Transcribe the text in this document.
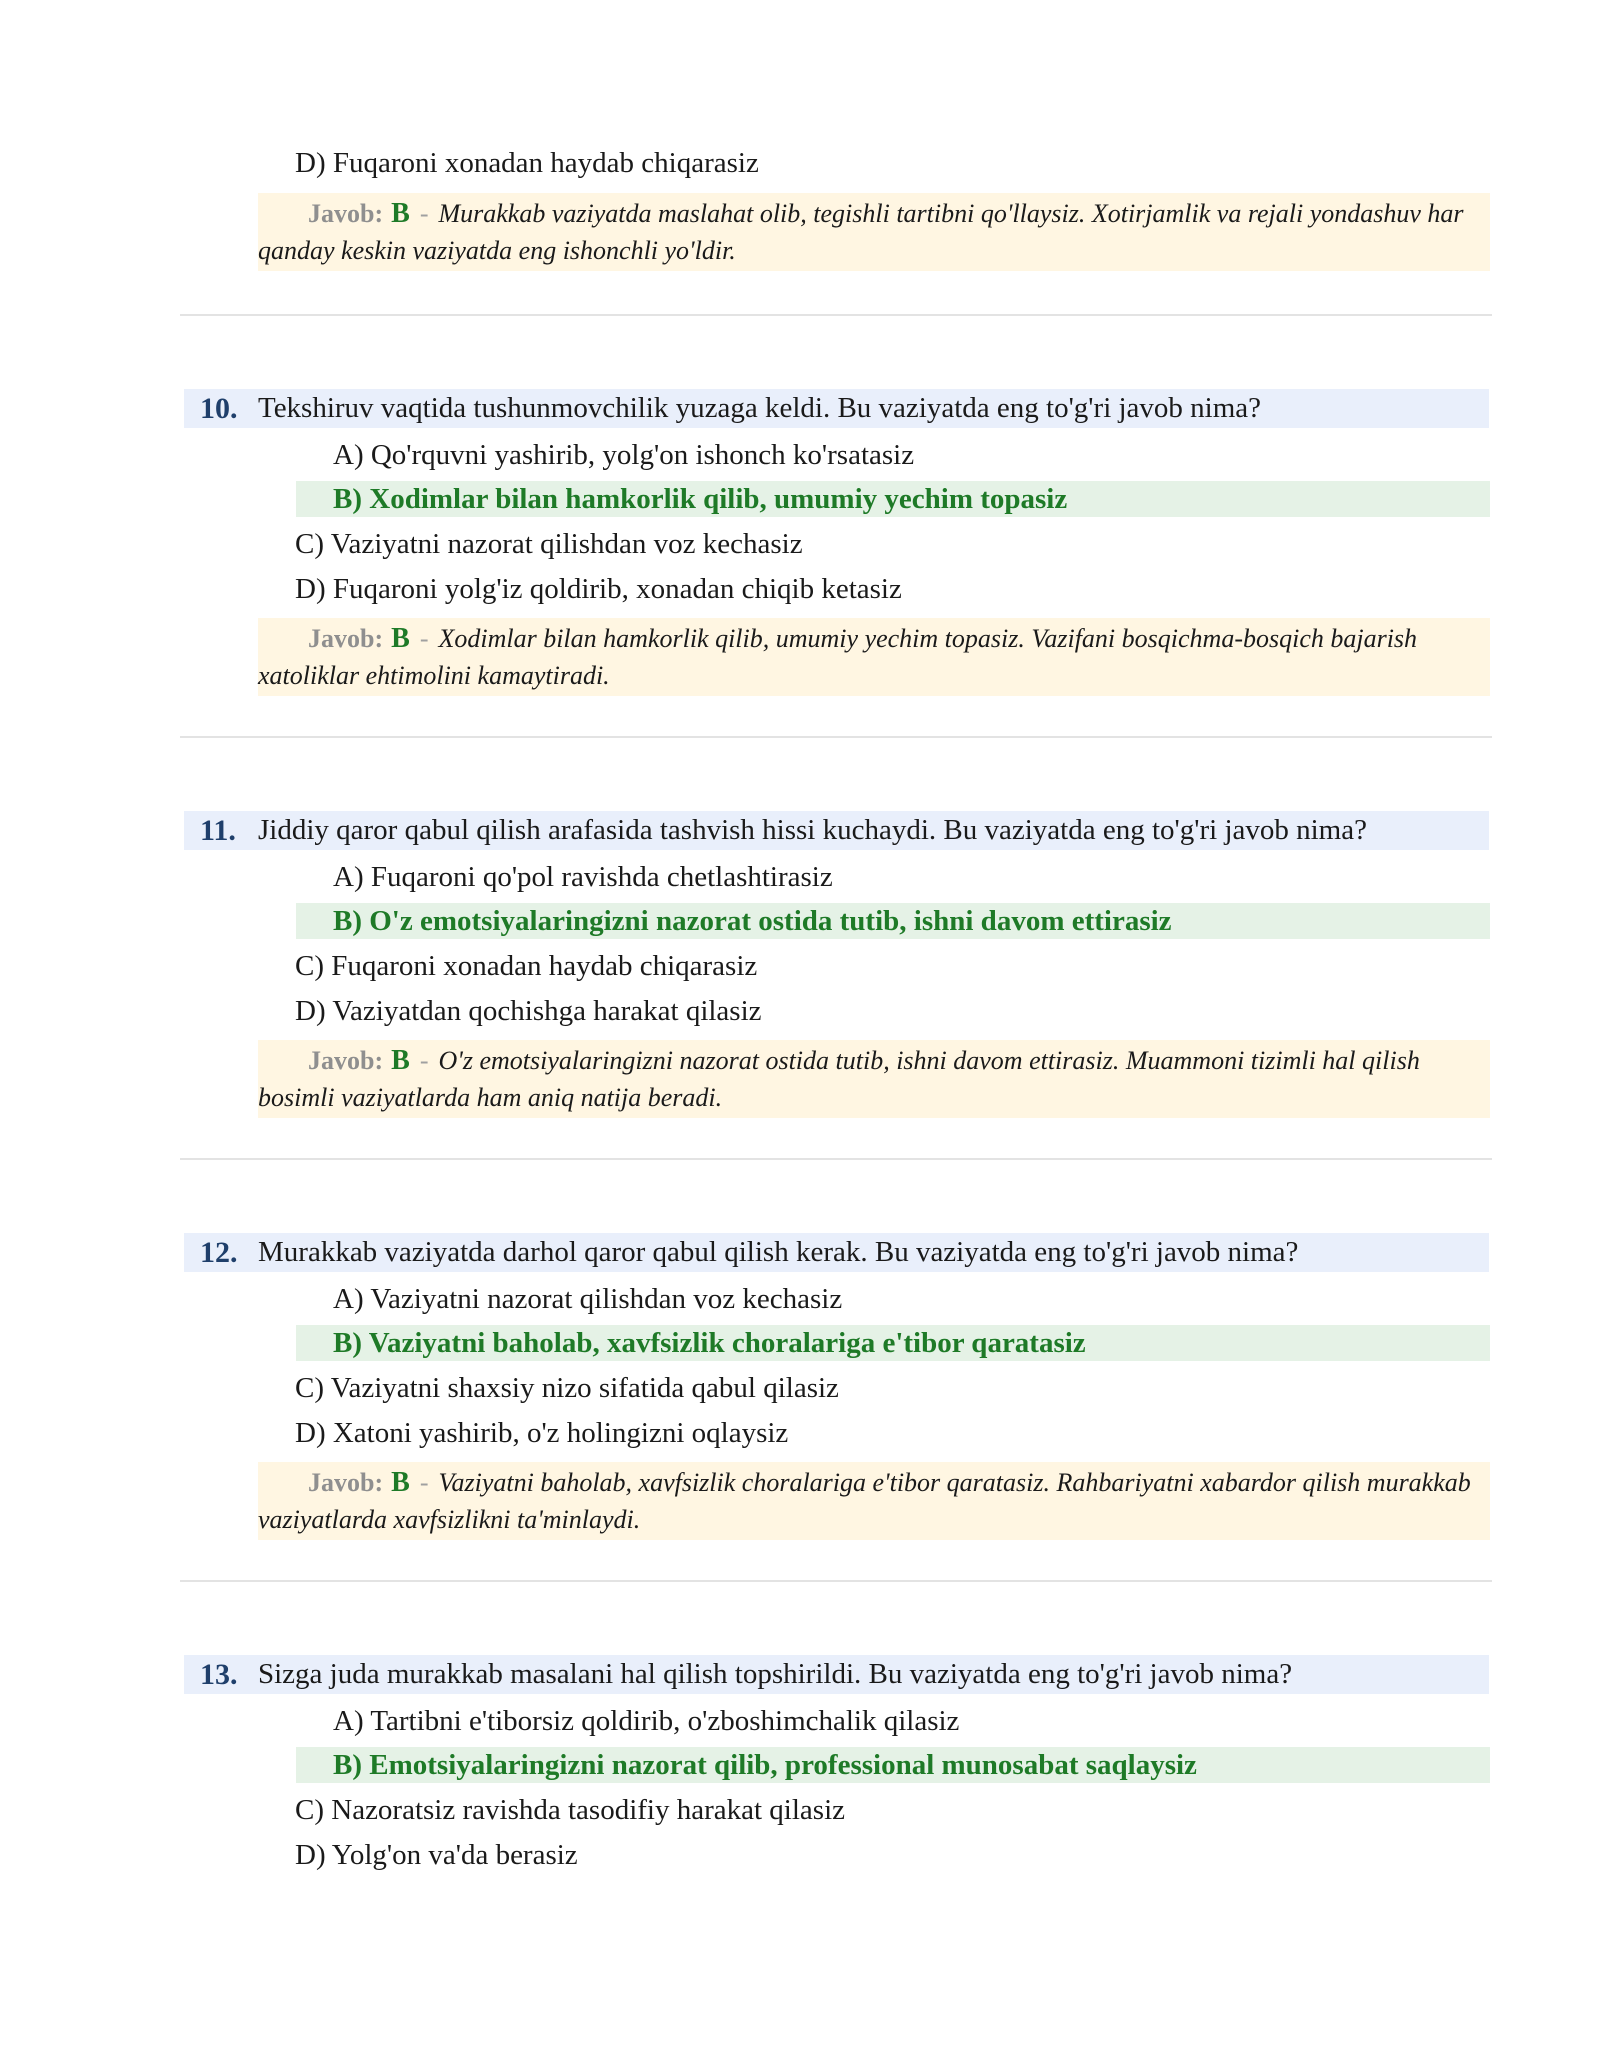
D) Fuqaroni xonadan haydab chiqarasiz
Javob: B - Murakkab vaziyatda maslahat olib, tegishli tartibni qo'llaysiz. Xotirjamlik va rejali yondashuv har qanday keskin vaziyatda eng ishonchli yo'ldir.
10. Tekshiruv vaqtida tushunmovchilik yuzaga keldi. Bu vaziyatda eng to'g'ri javob nima?
A) Qo'rquvni yashirib, yolg'on ishonch ko'rsatasiz
B) Xodimlar bilan hamkorlik qilib, umumiy yechim topasiz
C) Vaziyatni nazorat qilishdan voz kechasiz
D) Fuqaroni yolg'iz qoldirib, xonadan chiqib ketasiz
Javob: B - Xodimlar bilan hamkorlik qilib, umumiy yechim topasiz. Vazifani bosqichma-bosqich bajarish xatoliklar ehtimolini kamaytiradi.
11. Jiddiy qaror qabul qilish arafasida tashvish hissi kuchaydi. Bu vaziyatda eng to'g'ri javob nima?
A) Fuqaroni qo'pol ravishda chetlashtirasiz
B) O'z emotsiyalaringizni nazorat ostida tutib, ishni davom ettirasiz
C) Fuqaroni xonadan haydab chiqarasiz
D) Vaziyatdan qochishga harakat qilasiz
Javob: B - O'z emotsiyalaringizni nazorat ostida tutib, ishni davom ettirasiz. Muammoni tizimli hal qilish bosimli vaziyatlarda ham aniq natija beradi.
12. Murakkab vaziyatda darhol qaror qabul qilish kerak. Bu vaziyatda eng to'g'ri javob nima?
A) Vaziyatni nazorat qilishdan voz kechasiz
B) Vaziyatni baholab, xavfsizlik choralariga e'tibor qaratasiz
C) Vaziyatni shaxsiy nizo sifatida qabul qilasiz
D) Xatoni yashirib, o'z holingizni oqlaysiz
Javob: B - Vaziyatni baholab, xavfsizlik choralariga e'tibor qaratasiz. Rahbariyatni xabardor qilish murakkab vaziyatlarda xavfsizlikni ta'minlaydi.
13. Sizga juda murakkab masalani hal qilish topshirildi. Bu vaziyatda eng to'g'ri javob nima?
A) Tartibni e'tiborsiz qoldirib, o'zboshimchalik qilasiz
B) Emotsiyalaringizni nazorat qilib, professional munosabat saqlaysiz
C) Nazoratsiz ravishda tasodifiy harakat qilasiz
D) Yolg'on va'da berasiz
